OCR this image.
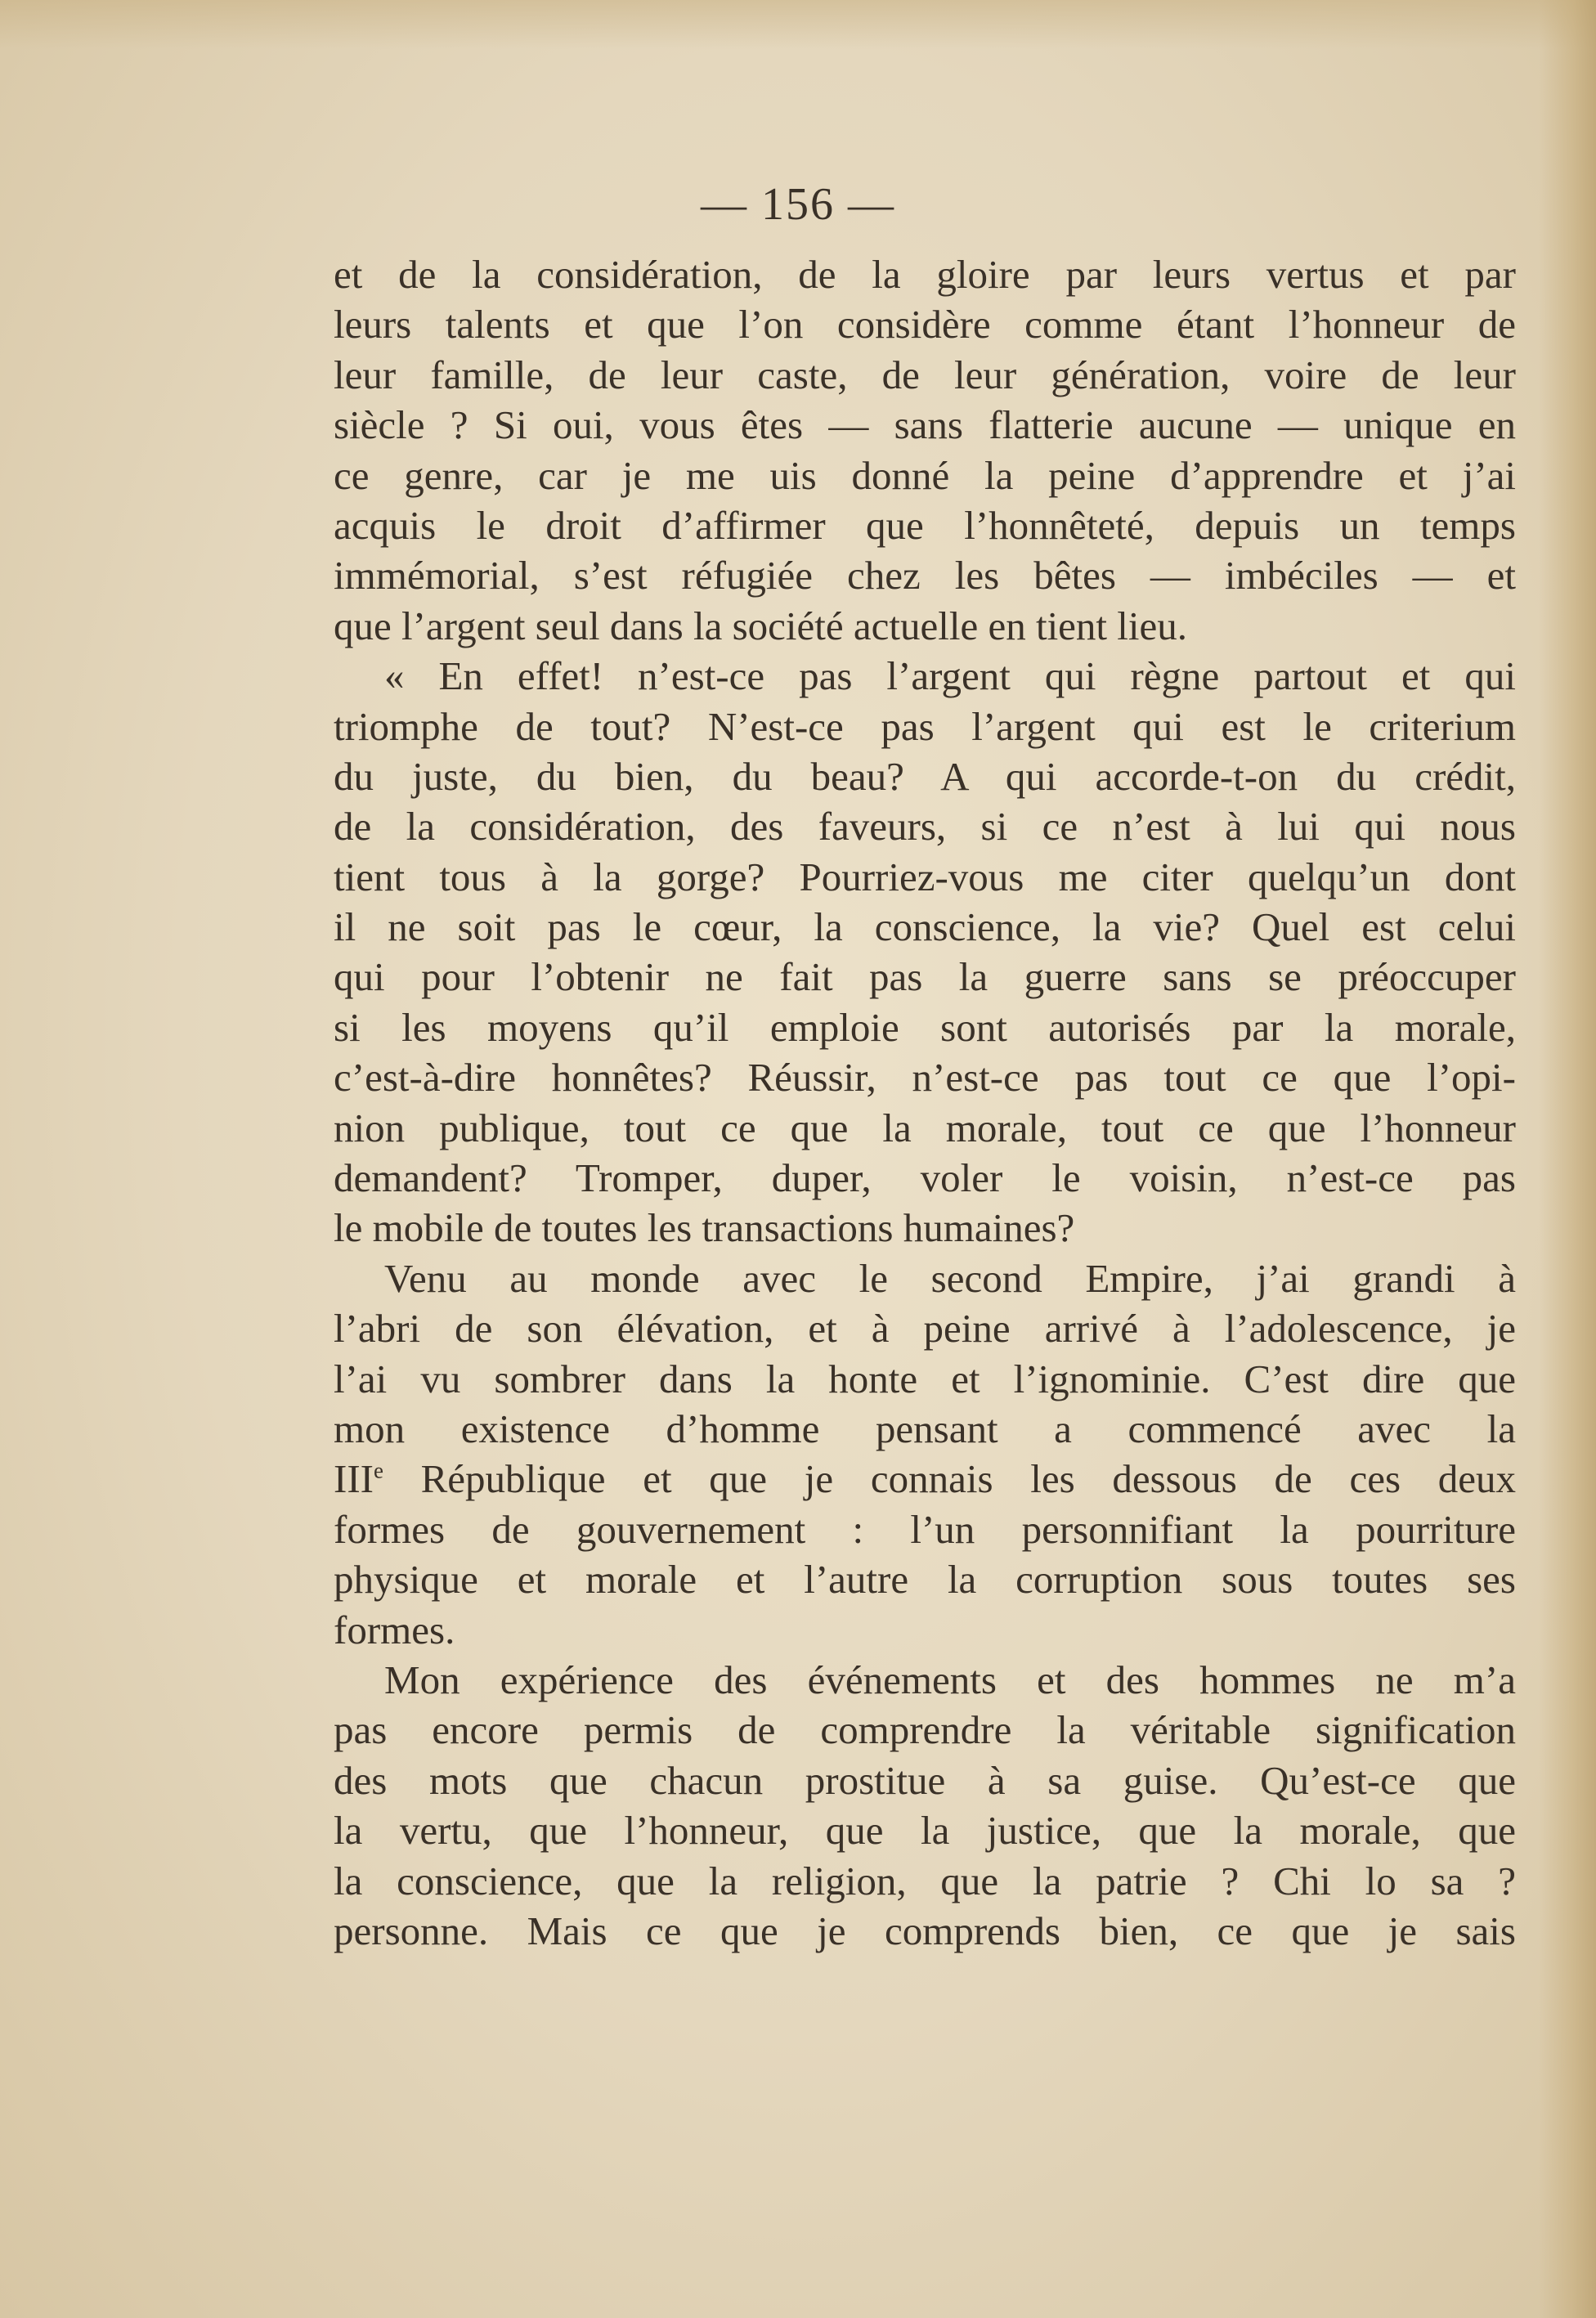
— 156 —
et de la considération, de la gloire par leurs vertus et par
leurs talents et que l’on considère comme étant l’honneur de
leur famille, de leur caste, de leur génération, voire de leur
siècle ? Si oui, vous êtes — sans flatterie aucune — unique en
ce genre, car je me uis donné la peine d’apprendre et j’ai
acquis le droit d’affirmer que l’honnêteté, depuis un temps
immémorial, s’est réfugiée chez les bêtes — imbéciles — et
que l’argent seul dans la société actuelle en tient lieu.
« En effet! n’est-ce pas l’argent qui règne partout et qui
triomphe de tout? N’est-ce pas l’argent qui est le criterium
du juste, du bien, du beau? A qui accorde-t-on du crédit,
de la considération, des faveurs, si ce n’est à lui qui nous
tient tous à la gorge? Pourriez-vous me citer quelqu’un dont
il ne soit pas le cœur, la conscience, la vie? Quel est celui
qui pour l’obtenir ne fait pas la guerre sans se préoccuper
si les moyens qu’il emploie sont autorisés par la morale,
c’est-à-dire honnêtes? Réussir, n’est-ce pas tout ce que l’opi-
nion publique, tout ce que la morale, tout ce que l’honneur
demandent? Tromper, duper, voler le voisin, n’est-ce pas
le mobile de toutes les transactions humaines?
Venu au monde avec le second Empire, j’ai grandi à
l’abri de son élévation, et à peine arrivé à l’adolescence, je
l’ai vu sombrer dans la honte et l’ignominie. C’est dire que
mon existence d’homme pensant a commencé avec la
IIIe République et que je connais les dessous de ces deux
formes de gouvernement : l’un personnifiant la pourriture
physique et morale et l’autre la corruption sous toutes ses
formes.
Mon expérience des événements et des hommes ne m’a
pas encore permis de comprendre la véritable signification
des mots que chacun prostitue à sa guise. Qu’est-ce que
la vertu, que l’honneur, que la justice, que la morale, que
la conscience, que la religion, que la patrie ? Chi lo sa ?
personne. Mais ce que je comprends bien, ce que je sais
